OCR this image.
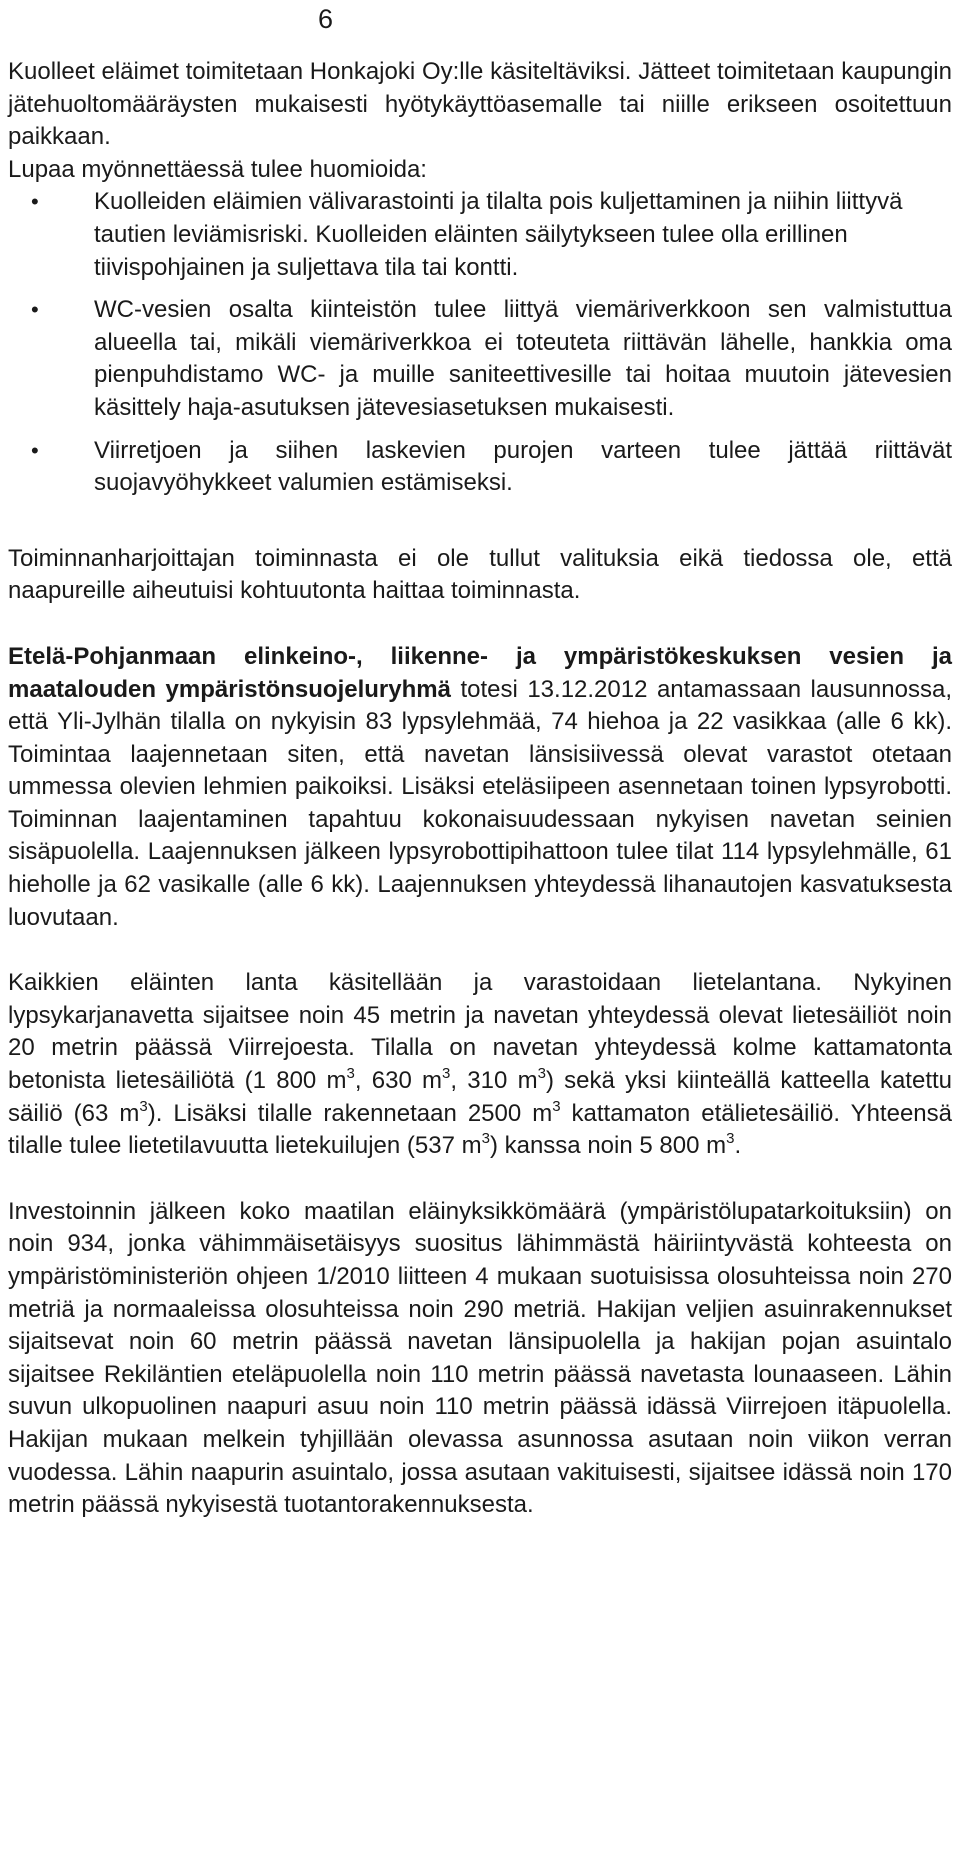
6

Kuolleet eläimet toimitetaan Honkajoki Oy:lle käsiteltäviksi. Jätteet toimitetaan kaupungin jätehuoltomääräysten mukaisesti hyötykäyttöasemalle tai niille erikseen osoitettuun paikkaan.

Lupaa myönnettäessä tulee huomioida:

• Kuolleiden eläimien välivarastointi ja tilalta pois kuljettaminen ja niihin liittyvä tautien leviämisriski. Kuolleiden eläinten säilytykseen tulee olla erillinen tiivispohjainen ja suljettava tila tai kontti.
• WC-vesien osalta kiinteistön tulee liittyä viemäriverkkoon sen valmistuttua alueella tai, mikäli viemäriverkkoa ei toteuteta riittävän lähelle, hankkia oma pienpuhdistamo WC- ja muille saniteettivesille tai hoitaa muutoin jätevesien käsittely haja-asutuksen jätevesiasetuksen mukaisesti.
• Viirretjoen ja siihen laskevien purojen varteen tulee jättää riittävät suojavyöhykkeet valumien estämiseksi.

Toiminnanharjoittajan toiminnasta ei ole tullut valituksia eikä tiedossa ole, että naapureille aiheutuisi kohtuutonta haittaa toiminnasta.

Etelä-Pohjanmaan elinkeino-, liikenne- ja ympäristökeskuksen vesien ja maatalouden ympäristönsuojeluryhmä totesi 13.12.2012 antamassaan lausunnossa, että Yli-Jylhän tilalla on nykyisin 83 lypsylehmää, 74 hiehoa ja 22 vasikkaa (alle 6 kk). Toimintaa laajennetaan siten, että navetan länsisiivessä olevat varastot otetaan ummessa olevien lehmien paikoiksi. Lisäksi eteläsiipeen asennetaan toinen lypsyrobotti. Toiminnan laajentaminen tapahtuu kokonaisuudessaan nykyisen navetan seinien sisäpuolella. Laajennuksen jälkeen lypsyrobottipihattoon tulee tilat 114 lypsylehmälle, 61 hieholle ja 62 vasikalle (alle 6 kk). Laajennuksen yhteydessä lihanautojen kasvatuksesta luovutaan.

Kaikkien eläinten lanta käsitellään ja varastoidaan lietelantana. Nykyinen lypsykarjanavetta sijaitsee noin 45 metrin ja navetan yhteydessä olevat lietesäiliöt noin 20 metrin päässä Viirrejoesta. Tilalla on navetan yhteydessä kolme kattamatonta betonista lietesäiliötä (1 800 $m^3$, 630 $m^3$, 310 $m^3$) sekä yksi kiinteällä katteella katettu säiliö (63 $m^3$). Lisäksi tilalle rakennetaan 2500 $m^3$ kattamaton etälietesäiliö. Yhteensä tilalle tulee lietetilavuutta lietekuilujen (537 $m^3$) kanssa noin 5 800 $m^3$.

Investoinnin jälkeen koko maatilan eläinyksikkömäärä (ympäristölupatarkoituksiin) on noin 934, jonka vähimmäisetäisyys suositus lähimmästä häiriintyvästä kohteesta on ympäristöministeriön ohjeen 1/2010 liitteen 4 mukaan suotuisissa olosuhteissa noin 270 metriä ja normaaleissa olosuhteissa noin 290 metriä. Hakijan veljien asuinrakennukset sijaitsevat noin 60 metrin päässä navetan länsipuolella ja hakijan pojan asuintalo sijaitsee Rekiläntien eteläpuolella noin 110 metrin päässä navetasta lounaaseen. Lähin suvun ulkopuolinen naapuri asuu noin 110 metrin päässä idässä Viirrejoen itäpuolella. Hakijan mukaan melkein tyhjillään olevassa asunnossa asutaan noin viikon verran vuodessa. Lähin naapurin asuintalo, jossa asutaan vakituisesti, sijaitsee idässä noin 170 metrin päässä nykyisestä tuotantorakennuksesta.
